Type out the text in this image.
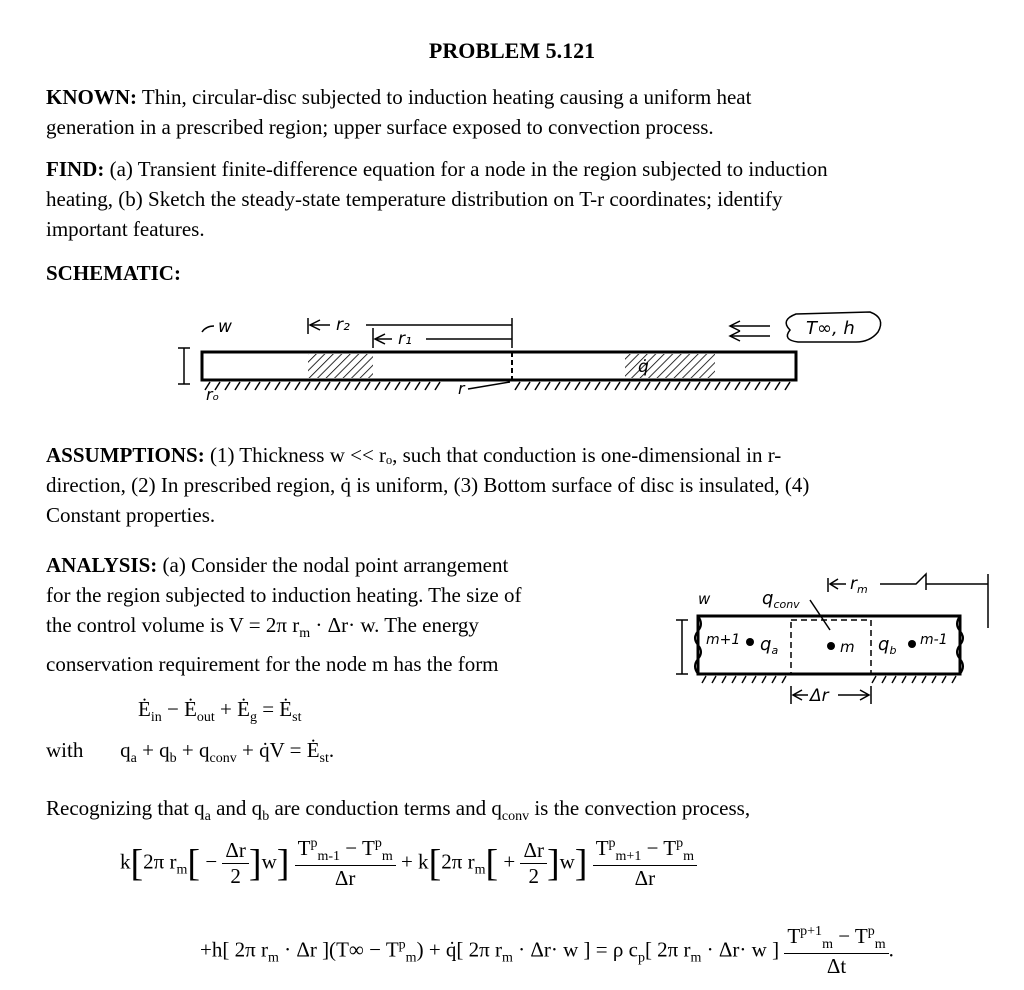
PROBLEM 5.121
KNOWN: Thin, circular-disc subjected to induction heating causing a uniform heat
generation in a prescribed region; upper surface exposed to convection process.
FIND: (a) Transient finite-difference equation for a node in the region subjected to induction
heating, (b) Sketch the steady-state temperature distribution on T-r coordinates; identify
important features.
SCHEMATIC:
w	r₂
r₁
rₒ	r
q̇
T∞, h
ASSUMPTIONS: (1) Thickness w << rₒ, such that conduction is one-dimensional in r-
direction, (2) In prescribed region, q̇ is uniform, (3) Bottom surface of disc is insulated, (4)
Constant properties.
ANALYSIS: (a) Consider the nodal point arrangement
for the region subjected to induction heating. The size of
the control volume is V = 2π $r_m \cdot \Delta r\cdot w$. The energy
conservation requirement for the node m has the form
w	$q_{conv}$
$r_m$
m+1 $q_a$	m $q_b$
m-1
Δr
$Ė_{in}$ − $Ė_{out}$ + $Ė_g$ = $Ė_{st}$
with $q_a + q_b + q_{conv}$ + q̇V = $Ė_{st}$.
Recognizing that $q_a$ and $q_b$ are conduction terms and $q_{conv}$ is the convection process,
k[2π $r_m[ - \frac{\Delta r}{2} ]w] \frac{T^p_{m-1} - T^p_m}{\Delta r} + k[2\pi$ $r_m[ + \frac{\Delta r}{2} ]w] \frac{T^p_{m+1} - T^p_m}{\Delta r}$
+h[ 2π $r_m \cdot \Delta r$ ]$(T\infty - T^p_m)$ + q̇[ 2π $r_m \cdot \Delta r\cdot w$ ] = ρ $c_p$[ 2π $r_m \cdot \Delta r\cdot w$ ] $\frac{T^{p+1}_m - T^p_m}{\Delta t}$ .
